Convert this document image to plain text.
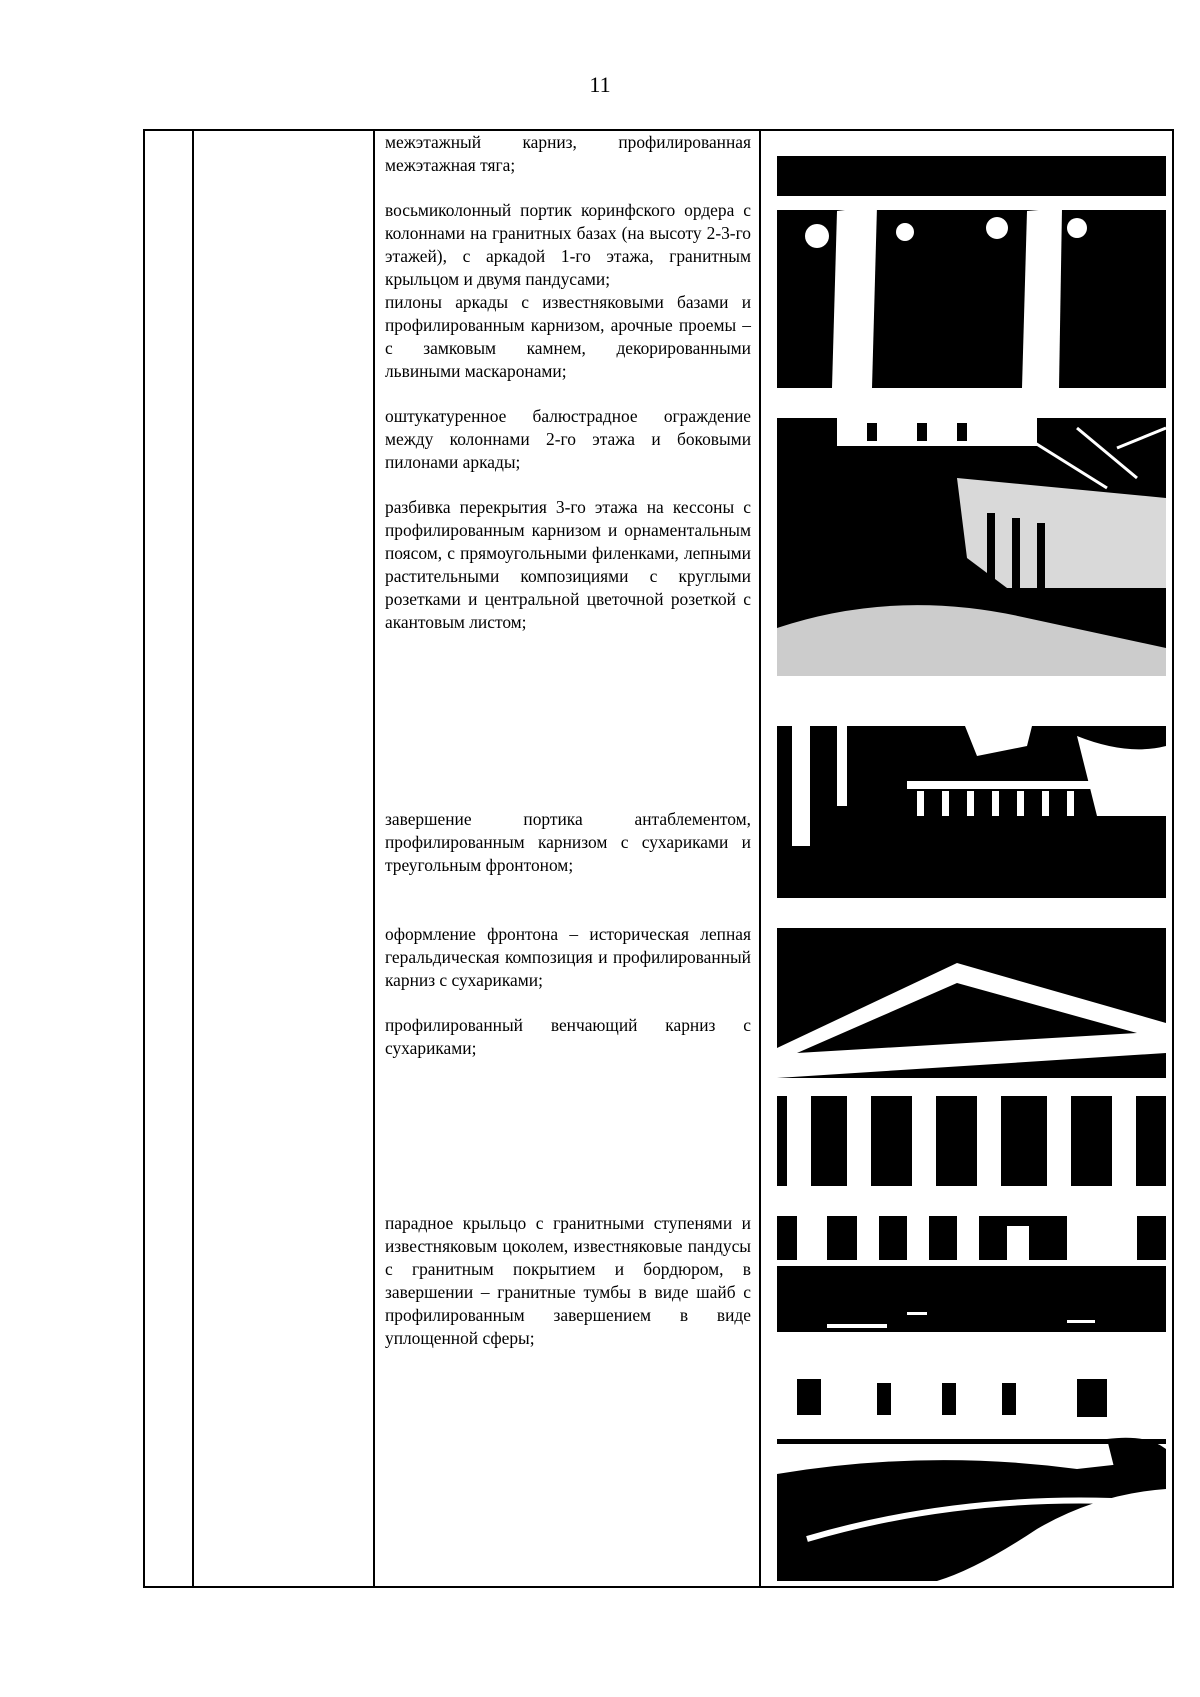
11

межэтажный карниз, профилированная межэтажная тяга;

восьмиколонный портик коринфского ордера с колоннами на гранитных базах (на высоту 2-3-го этажей), с аркадой 1-го этажа, гранитным крыльцом и двумя пандусами;

пилоны аркады с известняковыми базами и профилированным карнизом, арочные проемы – с замковым камнем, декорированными львиными маскаронами;

оштукатуренное балюстрадное ограждение между колоннами 2-го этажа и боковыми пилонами аркады;

разбивка перекрытия 3-го этажа на кессоны с профилированным карнизом и орнаментальным поясом, с прямоугольными филенками, лепными растительными композициями с круглыми розетками и центральной цветочной розеткой с акантовым листом;

завершение портика антаблементом, профилированным карнизом с сухариками и треугольным фронтоном;

оформление фронтона – историческая лепная геральдическая композиция и профилированный карниз с сухариками;

профилированный венчающий карниз с сухариками;

парадное крыльцо с гранитными ступенями и известняковым цоколем, известняковые пандусы с гранитным покрытием и бордюром, в завершении – гранитные тумбы в виде шайб с профилированным завершением в виде уплощенной сферы;
